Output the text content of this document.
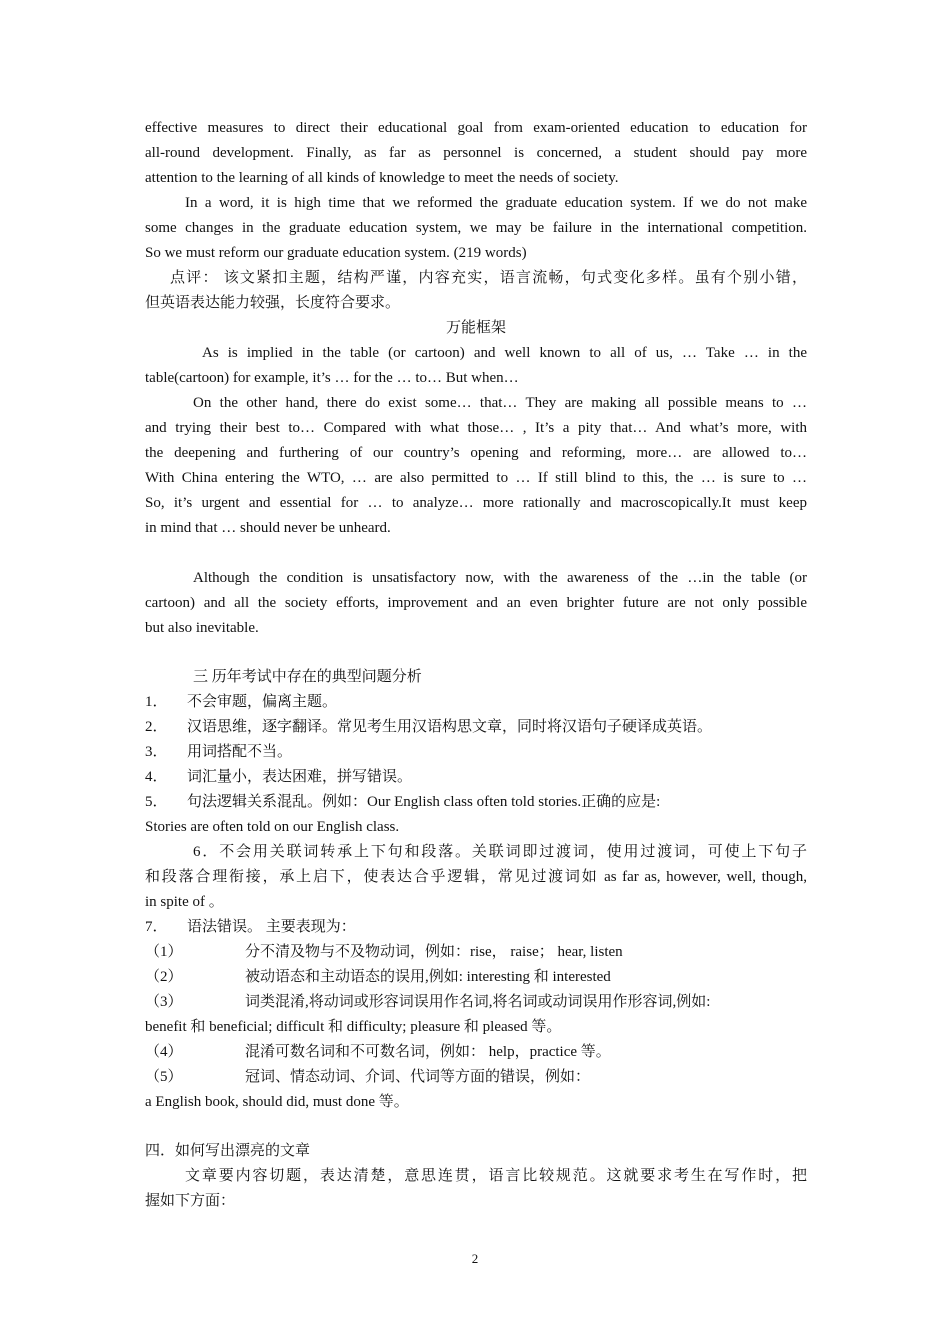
effective measures to direct their educational goal from exam-oriented education to education for
all-round development. Finally, as far as personnel is concerned, a student should pay more
attention to the learning of all kinds of knowledge to meet the needs of society.
In a word, it is high time that we reformed the graduate education system. If we do not make
some changes in the graduate education system, we may be failure in the international competition.
So we must reform our graduate education system. (219 words)
点评： 该文紧扣主题，结构严谨，内容充实，语言流畅，句式变化多样。虽有个别小错，
但英语表达能力较强，长度符合要求。
万能框架
As is implied in the table (or cartoon) and well known to all of us, … Take … in the
table(cartoon) for example, it’s … for the … to… But when…
On the other hand, there do exist some… that… They are making all possible means to …
and trying their best to… Compared with what those… , It’s a pity that… And what’s more, with
the deepening and furthering of our country’s opening and reforming, more… are allowed to…
With China entering the WTO, … are also permitted to … If still blind to this, the … is sure to …
So, it’s urgent and essential for … to analyze… more rationally and macroscopically.It must keep
in mind that … should never be unheard.
Although the condition is unsatisfactory now, with the awareness of the …in the table (or
cartoon) and all the society efforts, improvement and an even brighter future are not only possible
but also inevitable.
三 历年考试中存在的典型问题分析
1． 不会审题，偏离主题。
2． 汉语思维，逐字翻译。常见考生用汉语构思文章，同时将汉语句子硬译成英语。
3． 用词搭配不当。
4． 词汇量小，表达困难，拼写错误。
5． 句法逻辑关系混乱。例如：Our English class often told stories.正确的应是:
Stories are often told on our English class.
6．不会用关联词转承上下句和段落。关联词即过渡词，使用过渡词，可使上下句子
和段落合理衔接，承上启下，使表达合乎逻辑，常见过渡词如 as far as, however, well, though,
in spite of 。
7． 语法错误。 主要表现为：
（1）	分不清及物与不及物动词，例如：rise， raise； hear, listen
（2）	被动语态和主动语态的误用,例如: interesting 和 interested
（3）	词类混淆,将动词或形容词误用作名词,将名词或动词误用作形容词,例如:
benefit 和 beneficial; difficult 和 difficulty; pleasure 和 pleased 等。
（4）	混淆可数名词和不可数名词，例如： help，practice 等。
（5）	冠词、情态动词、介词、代词等方面的错误，例如：
a English book, should did, must done 等。
四．如何写出漂亮的文章
文章要内容切题，表达清楚，意思连贯，语言比较规范。这就要求考生在写作时，把
握如下方面：
2
